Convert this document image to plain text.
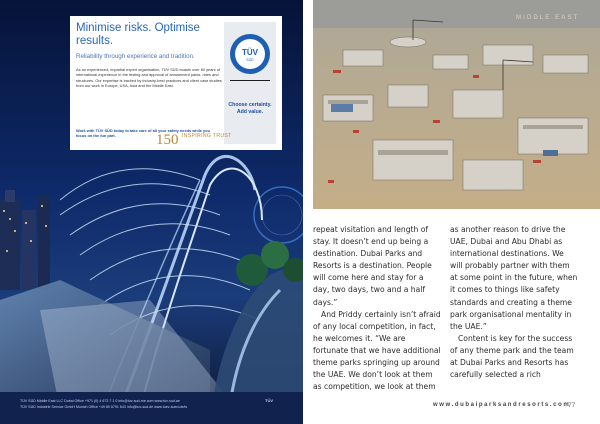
Minimise risks. Optimise results.
Reliability through experience and tradition.
As an experienced, impartial expert organisation, TÜV SÜD boasts over 60 years of international experience in the testing and approval of amusement parks, rides and structures. Our expertise is backed by industry-best practices and client case studies from our work in Europe, USA, Asia and the Middle East.
Work with TÜV SÜD today to take care of all your safety needs while you focus on the fun part.
TÜV
SÜD
Choose certainty. Add value.
150 INSPIRING TRUST
TÜV SÜD Middle East LLC Dubai Office +971 (0) 4 673 7 1 0 info@tuv-sud-me.com www.tuv-sud.ae
TÜV SÜD Industrie Service GmbH Munich Office +49 89 5791 643 info@tuv-sud.de www.tuev-sued.de/is
TÜV
MIDDLE EAST

repeat visitation and length of stay. It doesn’t end up being a destination. Dubai Parks and Resorts is a destination. People will come here and stay for a day, two days, two and a half days.”

And Priddy certainly isn’t afraid of any local competition, in fact, he welcomes it. “We are fortunate that we have additional theme parks springing up around the UAE. We don’t look at them as competition, we look at them

as another reason to drive the UAE, Dubai and Abu Dhabi as international destinations. We will probably partner with them at some point in the future, when it comes to things like safety standards and creating a theme park organisational mentality in the UAE.”

Content is key for the success of any theme park and the team at Dubai Parks and Resorts has carefully selected a rich

www.dubaiparksandresorts.com
77
